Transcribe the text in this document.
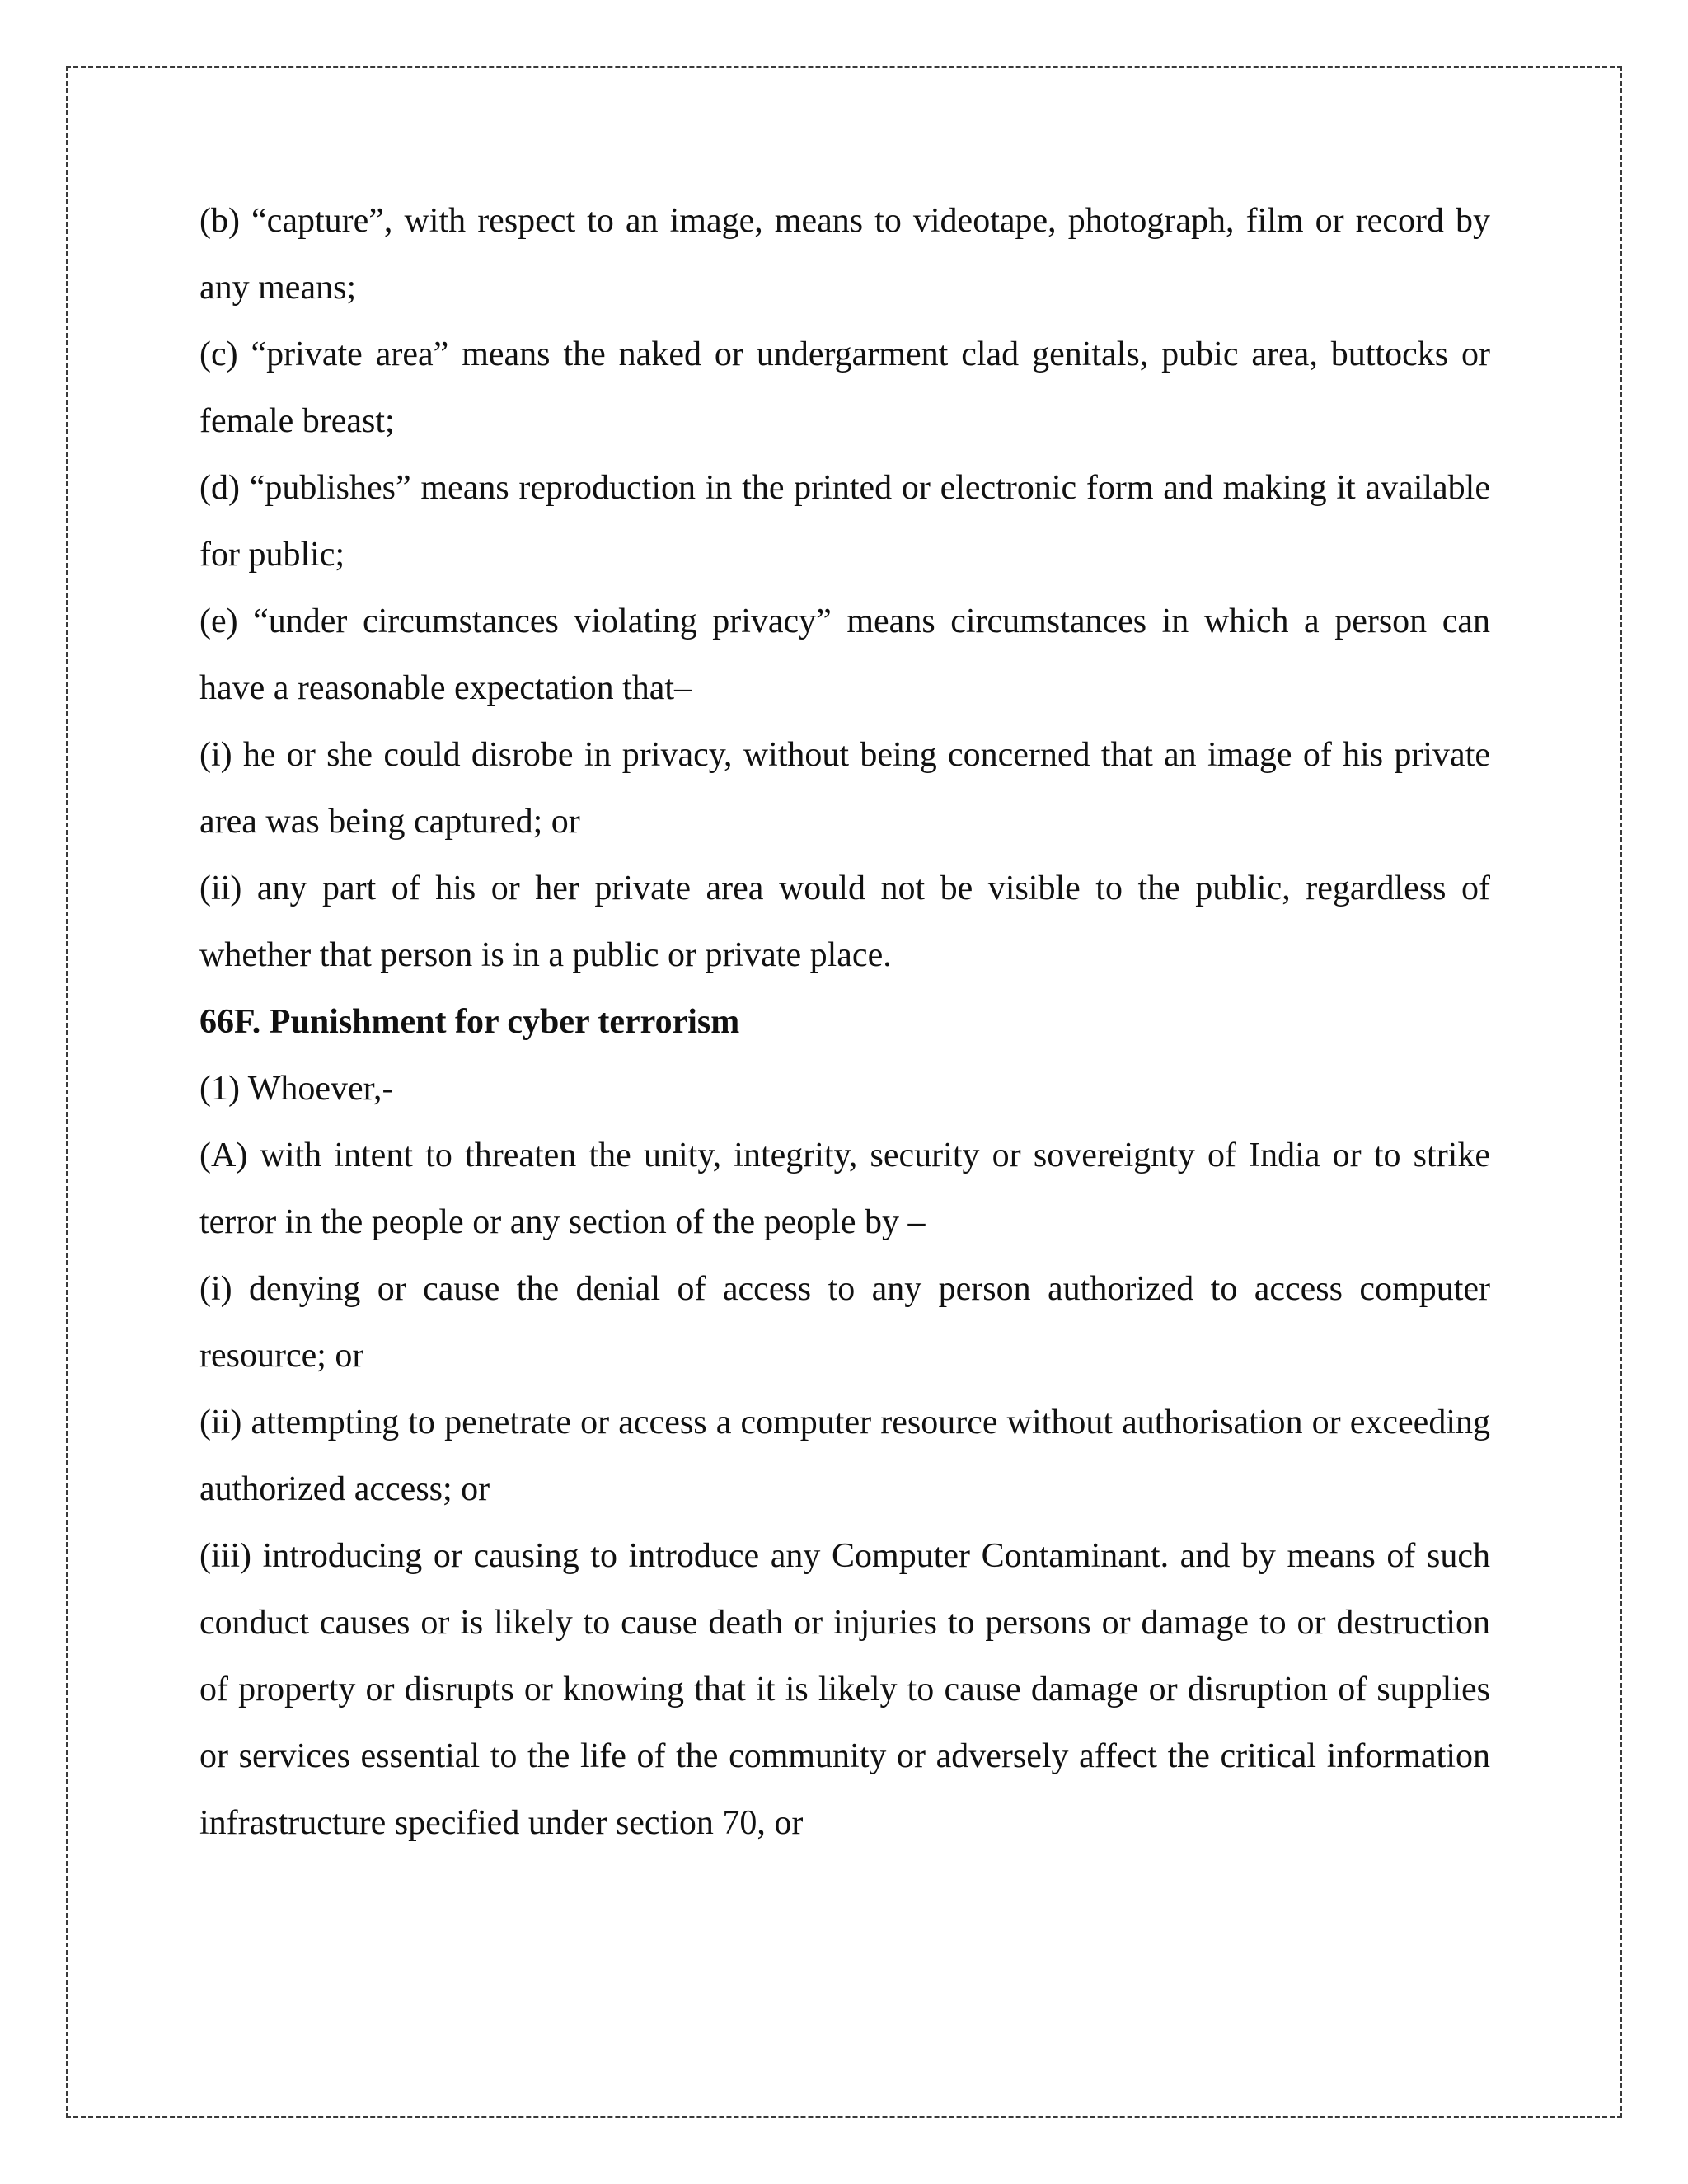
(b) “capture”, with respect to an image, means to videotape, photograph, film or record by any means;

(c) “private area” means the naked or undergarment clad genitals, pubic area, buttocks or female breast;

(d) “publishes” means reproduction in the printed or electronic form and making it available for public;

(e) “under circumstances violating privacy” means circumstances in which a person can have a reasonable expectation that–

(i) he or she could disrobe in privacy, without being concerned that an image of his private area was being captured; or

(ii) any part of his or her private area would not be visible to the public, regardless of whether that person is in a public or private place.

66F. Punishment for cyber terrorism

(1) Whoever,-

(A) with intent to threaten the unity, integrity, security or sovereignty of India or to strike terror in the people or any section of the people by –

(i) denying or cause the denial of access to any person authorized to access computer resource; or

(ii) attempting to penetrate or access a computer resource without authorisation or exceeding authorized access; or

(iii) introducing or causing to introduce any Computer Contaminant. and by means of such conduct causes or is likely to cause death or injuries to persons or damage to or destruction of property or disrupts or knowing that it is likely to cause damage or disruption of supplies or services essential to the life of the community or adversely affect the critical information infrastructure specified under section 70, or
